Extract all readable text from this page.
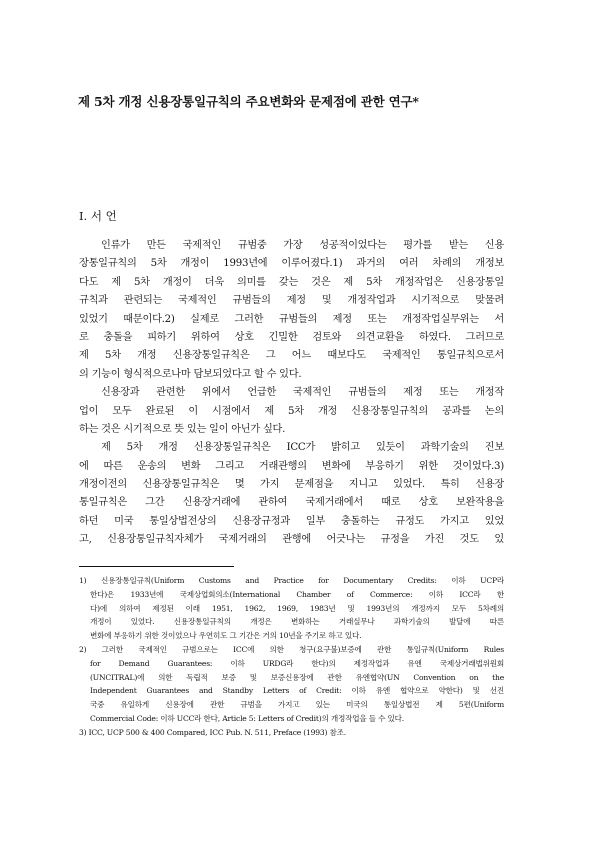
제 5차 개정 신용장통일규칙의 주요변화와 문제점에 관한 연구*
I. 서 언
인류가 만든 국제적인 규범중 가장 성공적이었다는 평가를 받는 신용
장통일규칙의 5차 개정이 1993년에 이루어졌다.1) 과거의 여러 차례의 개정보
다도 제 5차 개정이 더욱 의미를 갖는 것은 제 5차 개정작업은 신용장통일
규칙과 관련되는 국제적인 규범들의 제정 및 개정작업과 시기적으로 맞물려
있었기 때문이다.2) 실제로 그러한 규범들의 제정 또는 개정작업실무위는 서
로 충돌을 피하기 위하여 상호 긴밀한 검토와 의견교환을 하였다. 그러므로
제 5차 개정 신용장통일규칙은 그 어느 때보다도 국제적인 통일규칙으로서
의 기능이 형식적으로나마 담보되었다고 할 수 있다.
신용장과 관련한 위에서 언급한 국제적인 규범들의 제정 또는 개정작
업이 모두 완료된 이 시점에서 제 5차 개정 신용장통일규칙의 공과를 논의
하는 것은 시기적으로 뜻 있는 일이 아닌가 싶다.
제 5차 개정 신용장통일규칙은 ICC가 밝히고 있듯이 과학기술의 진보
에 따른 운송의 변화 그리고 거래관행의 변화에 부응하기 위한 것이었다.3)
개정이전의 신용장통일규칙은 몇 가지 문제점을 지니고 있었다. 특히 신용장
통일규칙은 그간 신용장거래에 관하여 국제거래에서 때로 상호 보완작용을
하던 미국 통일상법전상의 신용장규정과 일부 충돌하는 규정도 가지고 있었
고, 신용장통일규칙자체가 국제거래의 관행에 어긋나는 규정을 가진 것도 있
1) 신용장통일규칙(Uniform Customs and Practice for Documentary Credits: 이하 UCP라
한다)은 1933년에 국제상업회의소(International Chamber of Commerce: 이하 ICC라 한
다)에 의하여 제정된 이래 1951, 1962, 1969, 1983년 및 1993년의 개정까지 모두 5차례의
개정이 있었다. 신용장통일규칙의 개정은 변화하는 거래실무나 과학기술의 발달에 따른
변화에 부응하기 위한 것이었으나 우연히도 그 기간은 거의 10년을 주기로 하고 있다.
2) 그러한 국제적인 규범으로는 ICC에 의한 청구(요구불)보증에 관한 통일규칙(Uniform Rules
for Demand Guarantees: 이하 URDG라 한다)의 제정작업과 유엔 국제상거래법위원회
(UNCITRAL)에 의한 독립적 보증 및 보증신용장에 관한 유엔협약(UN Convention on the
Independent Guarantees and Standby Letters of Credit: 이하 유엔 협약으로 약한다) 및 선진
국중 유일하게 신용장에 관한 규범을 가지고 있는 미국의 통일상법전 제 5편(Uniform
Commercial Code: 이하 UCC라 한다, Article 5: Letters of Credit)의 개정작업을 들 수 있다.
3) ICC, UCP 500 & 400 Compared, ICC Pub. N. 511, Preface (1993) 참조.
